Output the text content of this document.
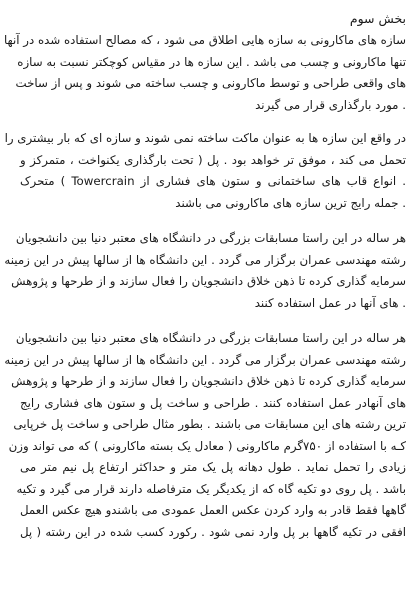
بخش سوم
سازه های ماکارونی به سازه هایی اطلاق می شود ، که مصالح استفاده شده در آنها
تنها ماکارونی و چسب می باشد . این سازه ها در مقیاس کوچکتر نسبت به سازه
های واقعی طراحی و توسط ماکارونی و چسب ساخته می شوند و پس از ساخت
. مورد بارگذاری قرار می گیرند
در واقع این سازه ها به عنوان ماکت ساخته نمی شوند و سازه ای که بار بیشتری را
تحمل می کند ، موفق تر خواهد بود . پل ( تحت بارگذاری یکنواخت ، متمرکز و
. انواع قاب های ساختمانی و ستون های فشاری از Towercrain ) متحرک
. جمله رایج ترین سازه های ماکارونی می باشند
هر ساله در این راستا مسابقات بزرگی در دانشگاه های معتبر دنیا بین دانشجویان
رشته مهندسی عمران برگزار می گردد . این دانشگاه ها از سالها پیش در این زمینه
سرمایه گذاری کرده تا ذهن خلاق دانشجویان را فعال سازند و از طرحها و پژوهش
. های آنها در عمل استفاده کنند
هر ساله در این راستا مسابقات بزرگی در دانشگاه های معتبر دنیا بین دانشجویان
رشته مهندسی عمران برگزار می گردد . این دانشگاه ها از سالها پیش در این زمینه
سرمایه گذاری کرده تا ذهن خلاق دانشجویان را فعال سازند و از طرحها و پژوهش
های آنهادر عمل استفاده کنند . طراحی و ساخت پل و ستون های فشاری رایج
ترین رشته های این مسابقات می باشند . بطور مثال طراحی و ساخت پل خرپایی
کـه با استفاده از ۷۵۰گرم ماکارونی ( معادل یک بسته ماکارونی ) که می تواند وزن
زیادی را تحمل نماید . طول دهانه پل یک متر و حداکثر ارتفاع پل نیم متر می
باشد . پل روی دو تکیه گاه که از یکدیگر یک مترفاصله دارند قرار می گیرد و تکیه
گاهها فقط قادر به وارد کردن عکس العمل عمودی می باشندو هیچ عکس العمل
افقی در تکیه گاهها بر پل وارد نمی شود . رکورد کسب شده در این رشته ( پل
